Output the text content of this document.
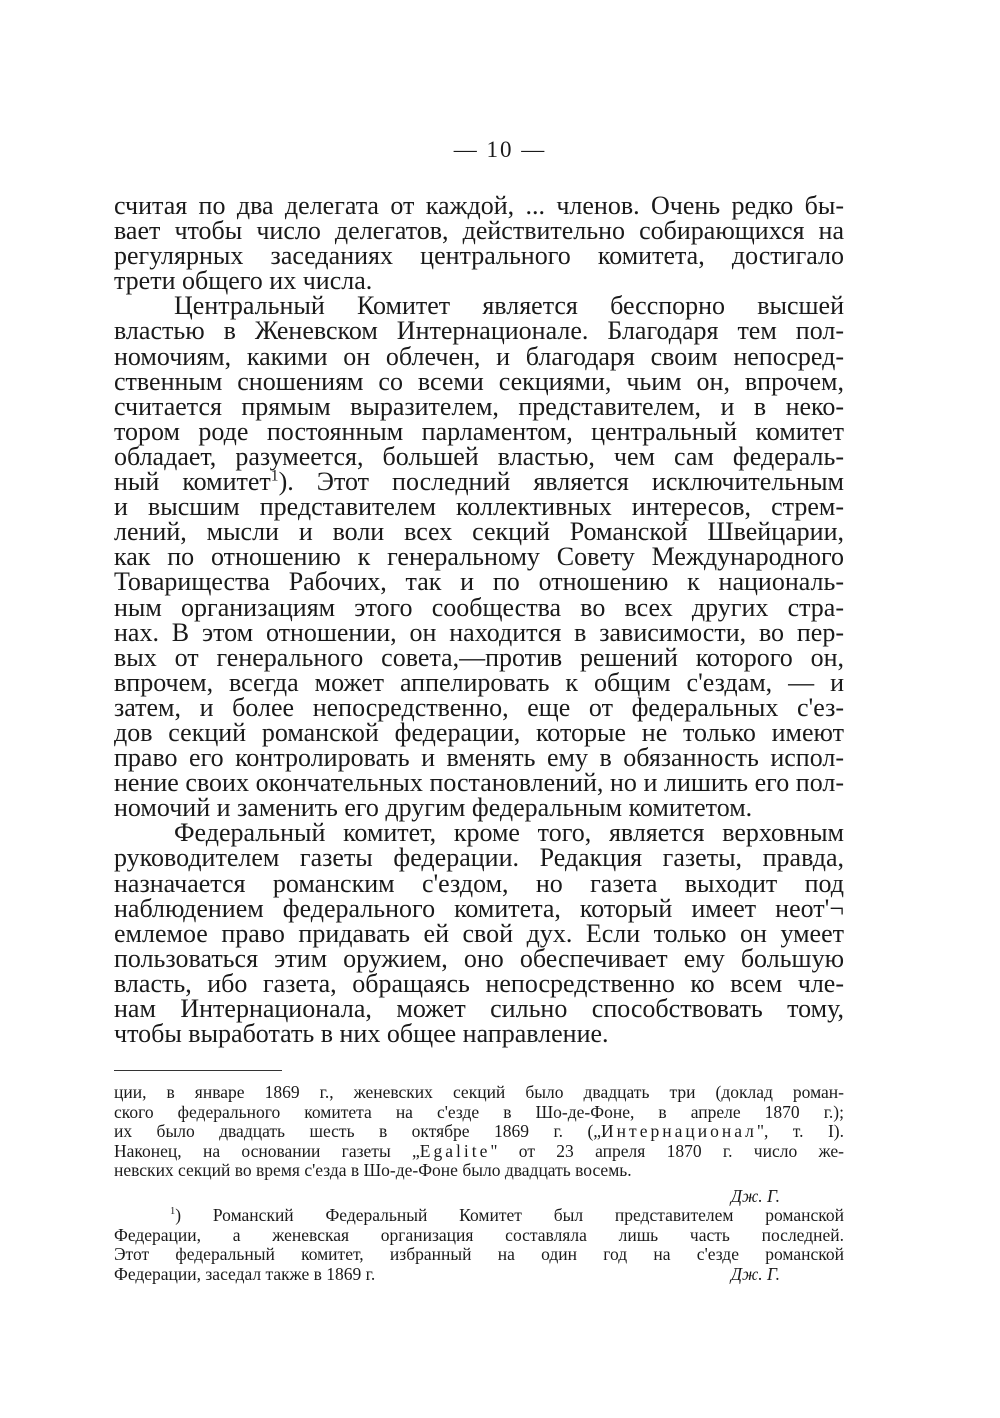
— 10 —

считая по два делегата от каждой, ... членов. Очень редко бы-
вает чтобы число делегатов, действительно собирающихся на
регулярных заседаниях центрального комитета, достигало

трети общего их числа.

Центральный Комитет является бесспорно высшей
властью в Женевском Интернационале. Благодаря тем пол-
номочиям, какими он облечен, и благодаря своим непосред-
ственным сношениям со всеми секциями, чьим он, впрочем,
считается прямым выразителем, представителем, и в неко-
тором роде постоянным парламентом, центральный комитет
обладает, разумеется, большей властью, чем сам федераль-
ный комитет$^1$). Этот последний является исключительным
и высшим представителем коллективных интересов, стрем-
лений, мысли и воли всех секций Романской Швейцарии,
как по отношению к генеральному Совету Международного
Товарищества Рабочих, так и по отношению к националь-
ным организациям этого сообщества во всех других стра-
нах. В этом отношении, он находится в зависимости, во пер-
вых от генерального совета,—против решений которого он,
впрочем, всегда может аппелировать к общим с'ездам, — и
затем, и более непосредственно, еще от федеральных с'ез-
дов секций романской федерации, которые не только имеют
право его контролировать и вменять ему в обязанность испол-
нение своих окончательных постановлений, но и лишить его пол-

номочий и заменить его другим федеральным комитетом.

Федеральный комитет, кроме того, является верховным
руководителем газеты федерации. Редакция газеты, правда,
назначается романским с'ездом, но газета выходит под
наблюдением федерального комитета, который имеет неот'¬
емлемое право придавать ей свой дух. Если только он умеет
пользоваться этим оружием, оно обеспечивает ему большую
власть, ибо газета, обращаясь непосредственно ко всем чле-
нам Интернационала, может сильно способствовать тому,

чтобы выработать в них общее направление.

ции, в январе 1869 г., женевских секций было двадцать три (доклад роман-
ского федерального комитета на с'езде в Шо-де-Фоне, в апреле 1870 г.);
их было двадцать шесть в октябре 1869 г. („Интернационал", т. I).
Наконец, на основании газеты „Egalite" от 23 апреля 1870 г. число же-

невских секций во время с'езда в Шо-де-Фоне было двадцать восемь.

Дж. Г.

$^1$) Романский Федеральный Комитет был представителем романской
Федерации, а женевская организация составляла лишь часть последней.
Этот федеральный комитет, избранный на один год на с'езде романской

Федерации, заседал также в 1869 г.	Дж. Г.
